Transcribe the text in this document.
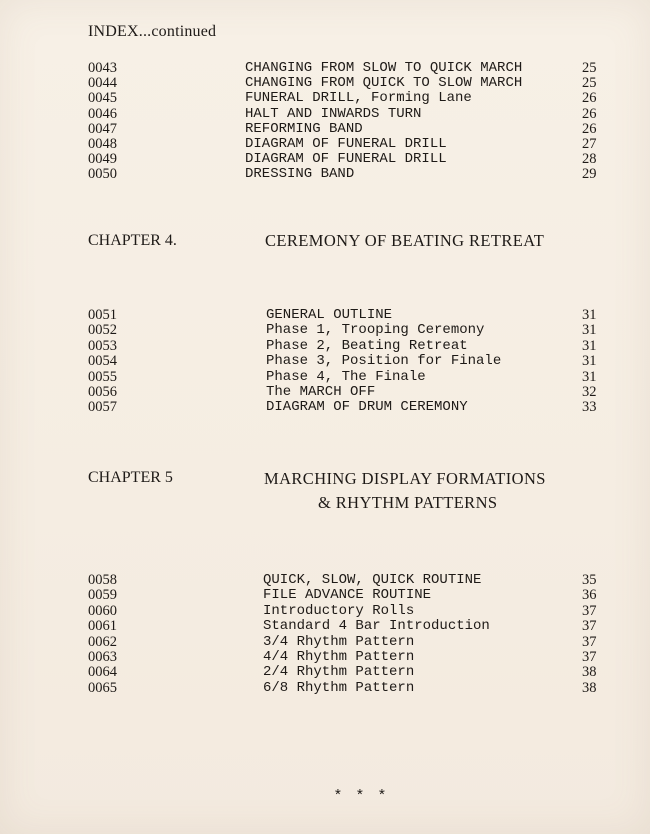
INDEX...continued
0043	CHANGING FROM SLOW TO QUICK MARCH	25
0044	CHANGING FROM QUICK TO SLOW MARCH	25
0045	FUNERAL DRILL, Forming Lane	26
0046	HALT AND INWARDS TURN	26
0047	REFORMING BAND	26
0048	DIAGRAM OF FUNERAL DRILL	27
0049	DIAGRAM OF FUNERAL DRILL	28
0050	DRESSING BAND	29
CHAPTER 4.	CEREMONY OF BEATING RETREAT
0051	GENERAL OUTLINE	31
0052	Phase 1, Trooping Ceremony	31
0053	Phase 2, Beating Retreat	31
0054	Phase 3, Position for Finale	31
0055	Phase 4, The Finale	31
0056	The MARCH OFF	32
0057	DIAGRAM OF DRUM CEREMONY	33
CHAPTER 5	MARCHING DISPLAY FORMATIONS
& RHYTHM PATTERNS
0058	QUICK, SLOW, QUICK ROUTINE	35
0059	FILE ADVANCE ROUTINE	36
0060	Introductory Rolls	37
0061	Standard 4 Bar Introduction	37
0062	3/4 Rhythm Pattern	37
0063	4/4 Rhythm Pattern	37
0064	2/4 Rhythm Pattern	38
0065	6/8 Rhythm Pattern	38
* * *
